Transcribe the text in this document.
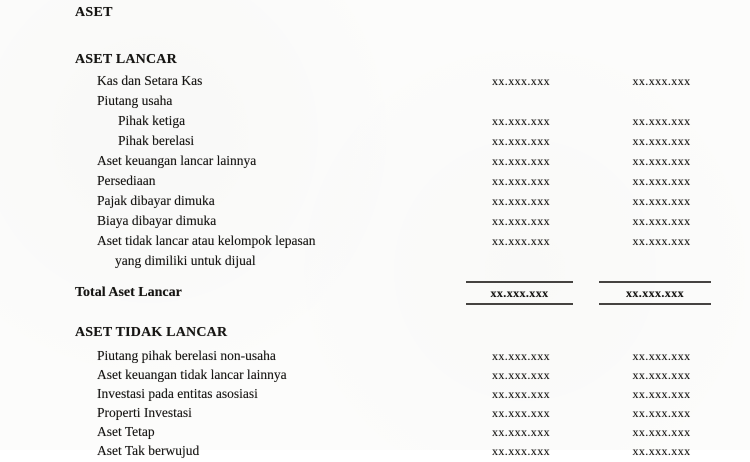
ASET
ASET LANCAR
Kas dan Setara Kas	xx.xxx.xxx	xx.xxx.xxx
Piutang usaha
Pihak ketiga	xx.xxx.xxx	xx.xxx.xxx
Pihak berelasi	xx.xxx.xxx	xx.xxx.xxx
Aset keuangan lancar lainnya	xx.xxx.xxx	xx.xxx.xxx
Persediaan	xx.xxx.xxx	xx.xxx.xxx
Pajak dibayar dimuka	xx.xxx.xxx	xx.xxx.xxx
Biaya dibayar dimuka	xx.xxx.xxx	xx.xxx.xxx
Aset tidak lancar atau kelompok lepasan	xx.xxx.xxx	xx.xxx.xxx
yang dimiliki untuk dijual
Total Aset Lancar	xx.xxx.xxx	xx.xxx.xxx
ASET TIDAK LANCAR
Piutang pihak berelasi non-usaha	xx.xxx.xxx	xx.xxx.xxx
Aset keuangan tidak lancar lainnya	xx.xxx.xxx	xx.xxx.xxx
Investasi pada entitas asosiasi	xx.xxx.xxx	xx.xxx.xxx
Properti Investasi	xx.xxx.xxx	xx.xxx.xxx
Aset Tetap	xx.xxx.xxx	xx.xxx.xxx
Aset Tak berwujud	xx.xxx.xxx	xx.xxx.xxx
